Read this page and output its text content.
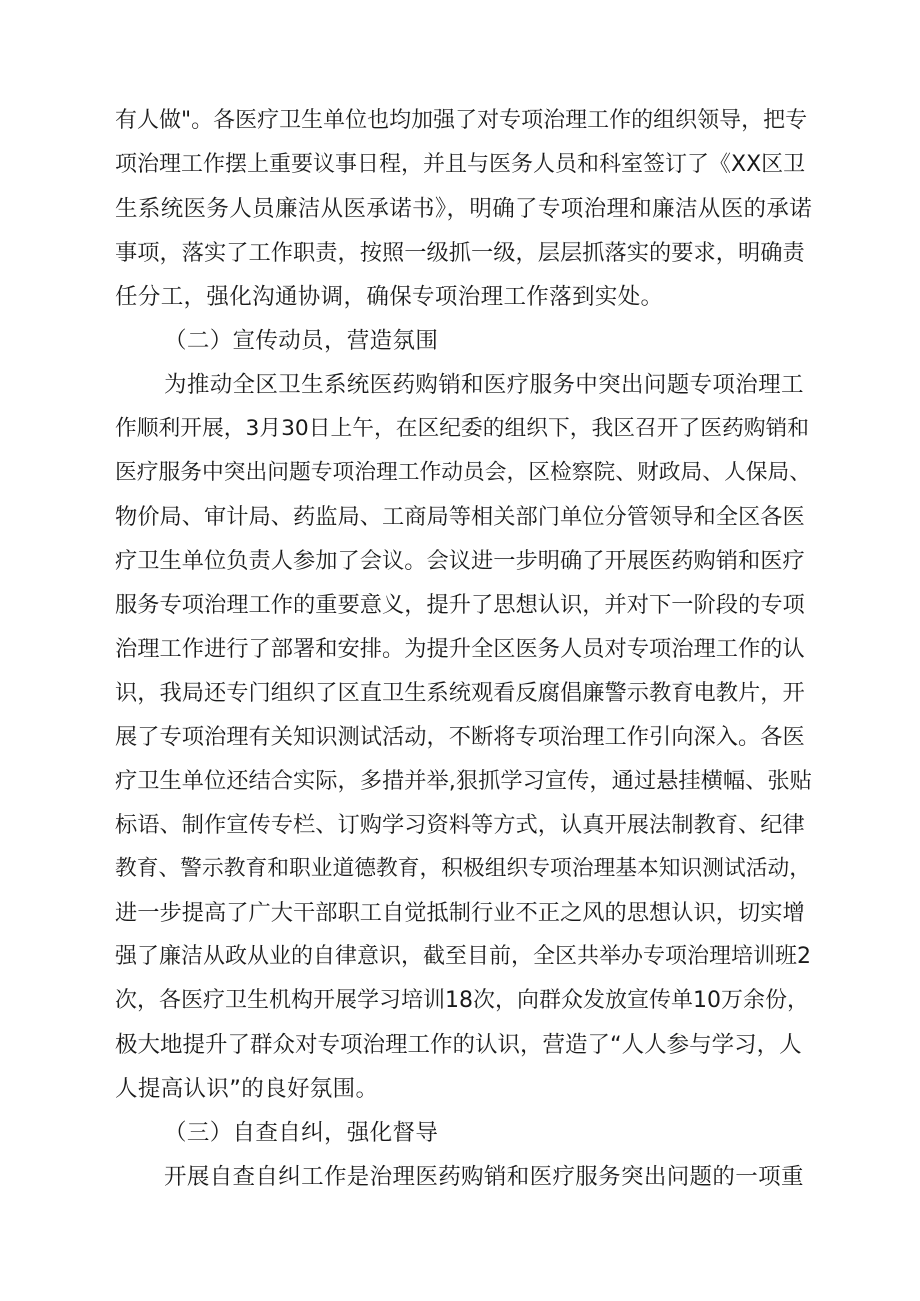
有人做"。各医疗卫生单位也均加强了对专项治理工作的组织领导，把专
项治理工作摆上重要议事日程，并且与医务人员和科室签订了《XX区卫
生系统医务人员廉洁从医承诺书》，明确了专项治理和廉洁从医的承诺
事项，落实了工作职责，按照一级抓一级，层层抓落实的要求，明确责
任分工，强化沟通协调，确保专项治理工作落到实处。
（二）宣传动员，营造氛围
为推动全区卫生系统医药购销和医疗服务中突出问题专项治理工
作顺利开展，3月30日上午，在区纪委的组织下，我区召开了医药购销和
医疗服务中突出问题专项治理工作动员会，区检察院、财政局、人保局、
物价局、审计局、药监局、工商局等相关部门单位分管领导和全区各医
疗卫生单位负责人参加了会议。会议进一步明确了开展医药购销和医疗
服务专项治理工作的重要意义，提升了思想认识，并对下一阶段的专项
治理工作进行了部署和安排。为提升全区医务人员对专项治理工作的认
识，我局还专门组织了区直卫生系统观看反腐倡廉警示教育电教片，开
展了专项治理有关知识测试活动，不断将专项治理工作引向深入。各医
疗卫生单位还结合实际，多措并举,狠抓学习宣传，通过悬挂横幅、张贴
标语、制作宣传专栏、订购学习资料等方式，认真开展法制教育、纪律
教育、警示教育和职业道德教育，积极组织专项治理基本知识测试活动，
进一步提高了广大干部职工自觉抵制行业不正之风的思想认识，切实增
强了廉洁从政从业的自律意识，截至目前，全区共举办专项治理培训班2
次，各医疗卫生机构开展学习培训18次，向群众发放宣传单10万余份，
极大地提升了群众对专项治理工作的认识，营造了“人人参与学习，人
人提高认识”的良好氛围。
（三）自查自纠，强化督导
开展自查自纠工作是治理医药购销和医疗服务突出问题的一项重
